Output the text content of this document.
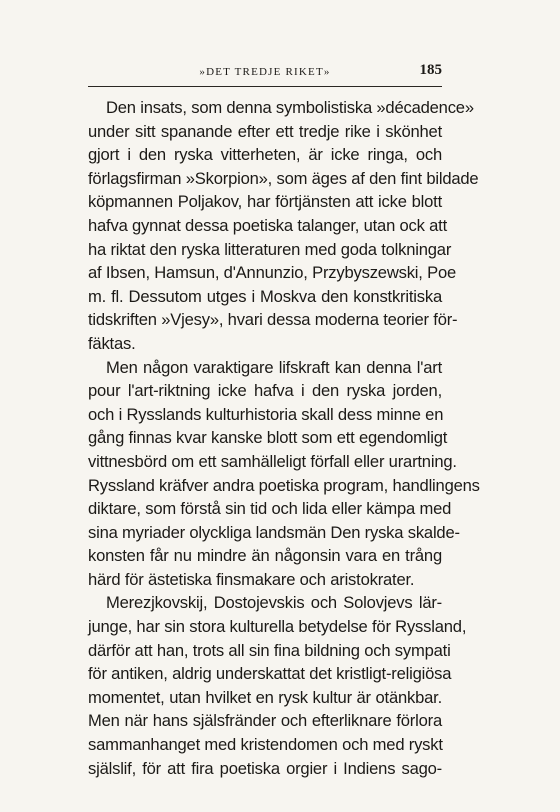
»DET TREDJE RIKET»	185
Den insats, som denna symbolistiska »décadence»
under sitt spanande efter ett tredje rike i skönhet
gjort i den ryska vitterheten, är icke ringa, och
förlagsfirman »Skorpion», som äges af den fint bildade
köpmannen Poljakov, har förtjänsten att icke blott
hafva gynnat dessa poetiska talanger, utan ock att
ha riktat den ryska litteraturen med goda tolkningar
af Ibsen, Hamsun, d'Annunzio, Przybyszewski, Poe
m. fl. Dessutom utges i Moskva den konstkritiska
tidskriften »Vjesy», hvari dessa moderna teorier för-
fäktas.
Men någon varaktigare lifskraft kan denna l'art
pour l'art-riktning icke hafva i den ryska jorden,
och i Rysslands kulturhistoria skall dess minne en
gång finnas kvar kanske blott som ett egendomligt
vittnesbörd om ett samhälleligt förfall eller urartning.
Ryssland kräfver andra poetiska program, handlingens
diktare, som förstå sin tid och lida eller kämpa med
sina myriader olyckliga landsmän Den ryska skalde-
konsten får nu mindre än någonsin vara en trång
härd för ästetiska finsmakare och aristokrater.
Merezjkovskij, Dostojevskis och Solovjevs lär-
junge, har sin stora kulturella betydelse för Ryssland,
därför att han, trots all sin fina bildning och sympati
för antiken, aldrig underskattat det kristligt-religiösa
momentet, utan hvilket en rysk kultur är otänkbar.
Men när hans själsfränder och efterliknare förlora
sammanhanget med kristendomen och med ryskt
själslif, för att fira poetiska orgier i Indiens sago-
